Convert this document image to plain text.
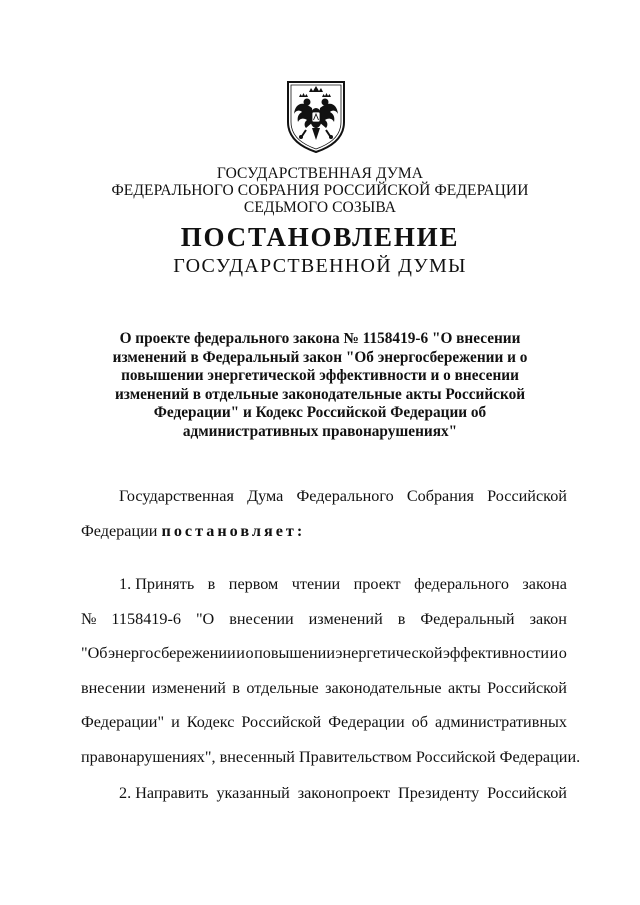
ГОСУДАРСТВЕННАЯ ДУМА
ФЕДЕРАЛЬНОГО СОБРАНИЯ РОССИЙСКОЙ ФЕДЕРАЦИИ
СЕДЬМОГО СОЗЫВА
ПОСТАНОВЛЕНИЕ
ГОСУДАРСТВЕННОЙ ДУМЫ
О проекте федерального закона № 1158419-6 "О внесении
изменений в Федеральный закон "Об энергосбережении и о
повышении энергетической эффективности и о внесении
изменений в отдельные законодательные акты Российской
Федерации" и Кодекс Российской Федерации об
административных правонарушениях"
Государственная Дума Федерального Собрания Российской
Федерации
постановляет:
1. Принять в первом чтении проект федерального закона
№ 1158419-6 "О внесении изменений в Федеральный закон
"Об энергосбережении и о повышении энергетической эффективности и о
внесении изменений в отдельные законодательные акты Российской
Федерации" и Кодекс Российской Федерации об административных
правонарушениях", внесенный Правительством Российской Федерации.
2. Направить указанный законопроект Президенту Российской
